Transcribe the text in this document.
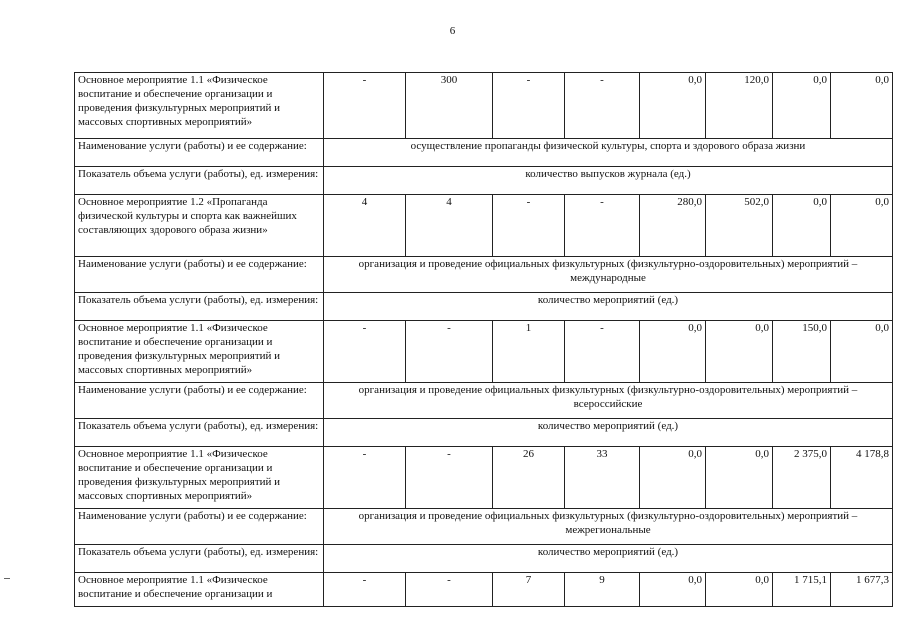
6
Основное мероприятие 1.1 «Физическое воспитание и обеспечение организации и проведения физкультурных мероприятий и массовых спортивных мероприятий»	-	300	-	-	0,0	120,0	0,0	0,0
Наименование услуги (работы) и ее содержание:	осуществление пропаганды физической культуры, спорта и здорового образа жизни							
Показатель объема услуги (работы), ед. измерения:	количество выпусков журнала (ед.)							
Основное мероприятие 1.2 «Пропаганда физической культуры и спорта как важнейших составляющих здорового образа жизни»	4	4	-	-	280,0	502,0	0,0	0,0
Наименование услуги (работы) и ее содержание:	организация и проведение официальных физкультурных (физкультурно-оздоровительных) мероприятий – международные							
Показатель объема услуги (работы), ед. измерения:	количество мероприятий (ед.)							
Основное мероприятие 1.1 «Физическое воспитание и обеспечение организации и проведения физкультурных мероприятий и массовых спортивных мероприятий»	-	-	1	-	0,0	0,0	150,0	0,0
Наименование услуги (работы) и ее содержание:	организация и проведение официальных физкультурных (физкультурно-оздоровительных) мероприятий – всероссийские							
Показатель объема услуги (работы), ед. измерения:	количество мероприятий (ед.)							
Основное мероприятие 1.1 «Физическое воспитание и обеспечение организации и проведения физкультурных мероприятий и массовых спортивных мероприятий»	-	-	26	33	0,0	0,0	2 375,0	4 178,8
Наименование услуги (работы) и ее содержание:	организация и проведение официальных физкультурных (физкультурно-оздоровительных) мероприятий – межрегиональные							
Показатель объема услуги (работы), ед. измерения:	количество мероприятий (ед.)							
Основное мероприятие 1.1 «Физическое воспитание и обеспечение организации и	-	-	7	9	0,0	0,0	1 715,1	1 677,3
